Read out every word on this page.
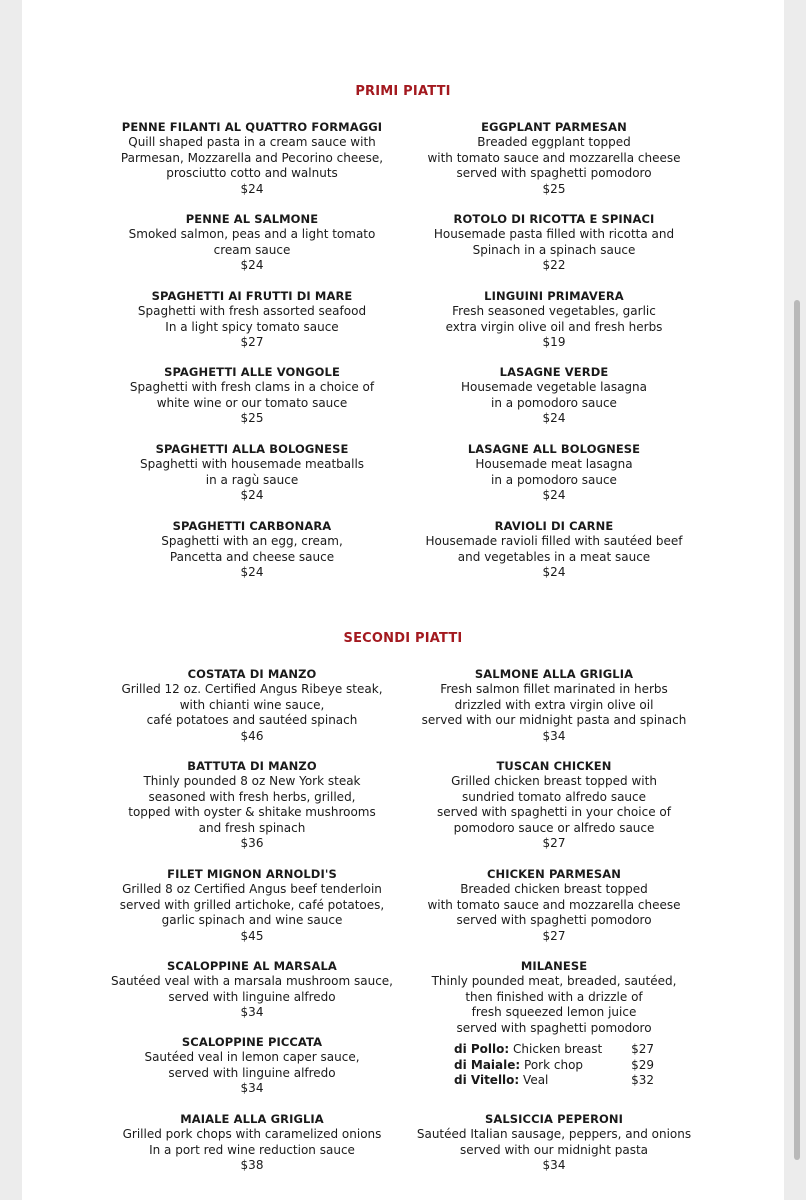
PRIMI PIATTI
PENNE FILANTI AL QUATTRO FORMAGGI
Quill shaped pasta in a cream sauce with
Parmesan, Mozzarella and Pecorino cheese,
prosciutto cotto and walnuts
$24
PENNE AL SALMONE
Smoked salmon, peas and a light tomato
cream sauce
$24
SPAGHETTI AI FRUTTI DI MARE
Spaghetti with fresh assorted seafood
In a light spicy tomato sauce
$27
SPAGHETTI ALLE VONGOLE
Spaghetti with fresh clams in a choice of
white wine or our tomato sauce
$25
SPAGHETTI ALLA BOLOGNESE
Spaghetti with housemade meatballs
in a ragù sauce
$24
SPAGHETTI CARBONARA
Spaghetti with an egg, cream,
Pancetta and cheese sauce
$24
EGGPLANT PARMESAN
Breaded eggplant topped
with tomato sauce and mozzarella cheese
served with spaghetti pomodoro
$25
ROTOLO DI RICOTTA E SPINACI
Housemade pasta filled with ricotta and
Spinach in a spinach sauce
$22
LINGUINI PRIMAVERA
Fresh seasoned vegetables, garlic
extra virgin olive oil and fresh herbs
$19
LASAGNE VERDE
Housemade vegetable lasagna
in a pomodoro sauce
$24
LASAGNE ALL BOLOGNESE
Housemade meat lasagna
in a pomodoro sauce
$24
RAVIOLI DI CARNE
Housemade ravioli filled with sautéed beef
and vegetables in a meat sauce
$24
SECONDI PIATTI
COSTATA DI MANZO
Grilled 12 oz. Certified Angus Ribeye steak,
with chianti wine sauce,
café potatoes and sautéed spinach
$46
BATTUTA DI MANZO
Thinly pounded 8 oz New York steak
seasoned with fresh herbs, grilled,
topped with oyster & shitake mushrooms
and fresh spinach
$36
FILET MIGNON ARNOLDI'S
Grilled 8 oz Certified Angus beef tenderloin
served with grilled artichoke, café potatoes,
garlic spinach and wine sauce
$45
SCALOPPINE AL MARSALA
Sautéed veal with a marsala mushroom sauce,
served with linguine alfredo
$34
SCALOPPINE PICCATA
Sautéed veal in lemon caper sauce,
served with linguine alfredo
$34
MAIALE ALLA GRIGLIA
Grilled pork chops with caramelized onions
In a port red wine reduction sauce
$38
SALMONE ALLA GRIGLIA
Fresh salmon fillet marinated in herbs
drizzled with extra virgin olive oil
served with our midnight pasta and spinach
$34
TUSCAN CHICKEN
Grilled chicken breast topped with
sundried tomato alfredo sauce
served with spaghetti in your choice of
pomodoro sauce or alfredo sauce
$27
CHICKEN PARMESAN
Breaded chicken breast topped
with tomato sauce and mozzarella cheese
served with spaghetti pomodoro
$27
MILANESE
Thinly pounded meat, breaded, sautéed,
then finished with a drizzle of
fresh squeezed lemon juice
served with spaghetti pomodoro
di Pollo: Chicken breast $27
di Maiale: Pork chop	$29
di Vitello: Veal	$32
SALSICCIA PEPERONI
Sautéed Italian sausage, peppers, and onions
served with our midnight pasta
$34
